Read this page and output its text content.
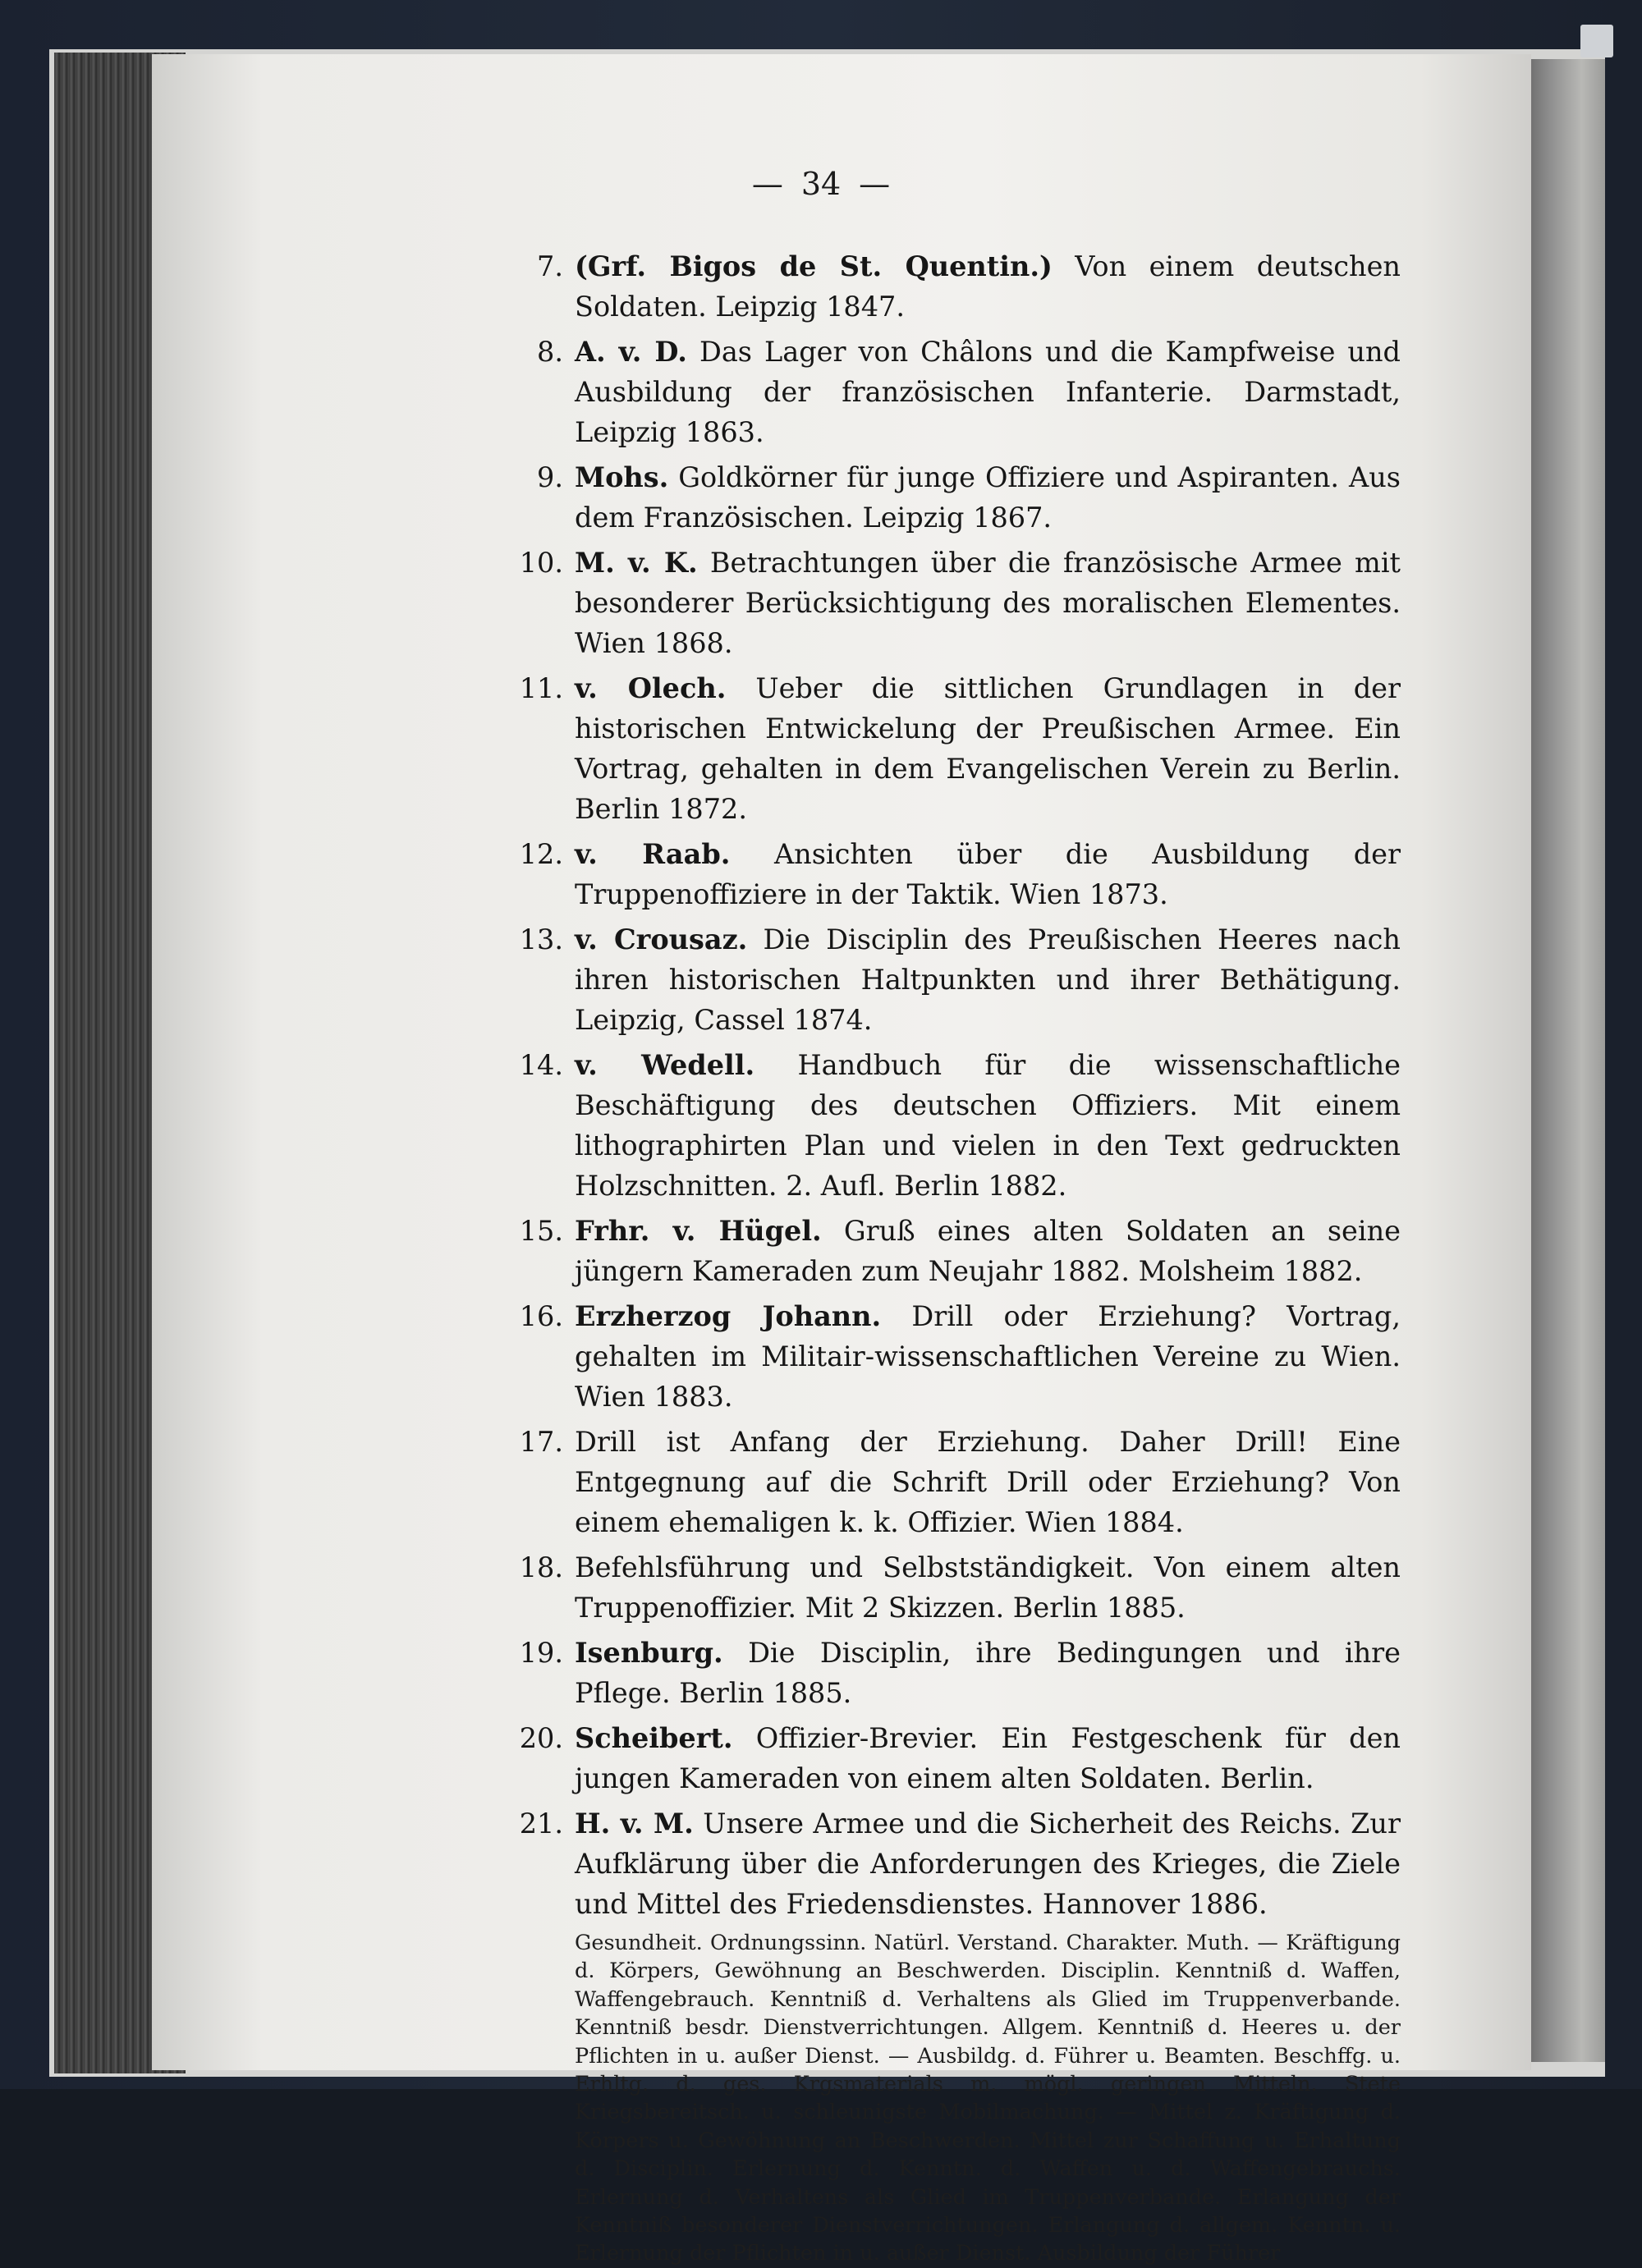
— 34 —
7. (Grf. Bigos de St. Quentin.) Von einem deutschen Soldaten. Leipzig 1847.
8. A. v. D. Das Lager von Châlons und die Kampfweise und Ausbildung der französischen Infanterie. Darmstadt, Leipzig 1863.
9. Mohs. Goldkörner für junge Offiziere und Aspiranten. Aus dem Französischen. Leipzig 1867.
10. M. v. K. Betrachtungen über die französische Armee mit besonderer Berücksichtigung des moralischen Elementes. Wien 1868.
11. v. Olech. Ueber die sittlichen Grundlagen in der historischen Entwickelung der Preußischen Armee. Ein Vortrag, gehalten in dem Evangelischen Verein zu Berlin. Berlin 1872.
12. v. Raab. Ansichten über die Ausbildung der Truppenoffiziere in der Taktik. Wien 1873.
13. v. Crousaz. Die Disciplin des Preußischen Heeres nach ihren historischen Haltpunkten und ihrer Bethätigung. Leipzig, Cassel 1874.
14. v. Wedell. Handbuch für die wissenschaftliche Beschäftigung des deutschen Offiziers. Mit einem lithographirten Plan und vielen in den Text gedruckten Holzschnitten. 2. Aufl. Berlin 1882.
15. Frhr. v. Hügel. Gruß eines alten Soldaten an seine jüngern Kameraden zum Neujahr 1882. Molsheim 1882.
16. Erzherzog Johann. Drill oder Erziehung? Vortrag, gehalten im Militair-wissenschaftlichen Vereine zu Wien. Wien 1883.
17. Drill ist Anfang der Erziehung. Daher Drill! Eine Entgegnung auf die Schrift Drill oder Erziehung? Von einem ehemaligen k. k. Offizier. Wien 1884.
18. Befehlsführung und Selbstständigkeit. Von einem alten Truppenoffizier. Mit 2 Skizzen. Berlin 1885.
19. Isenburg. Die Disciplin, ihre Bedingungen und ihre Pflege. Berlin 1885.
20. Scheibert. Offizier-Brevier. Ein Festgeschenk für den jungen Kameraden von einem alten Soldaten. Berlin.
21. H. v. M. Unsere Armee und die Sicherheit des Reichs. Zur Aufklärung über die Anforderungen des Krieges, die Ziele und Mittel des Friedensdienstes. Hannover 1886.
Gesundheit. Ordnungssinn. Natürl. Verstand. Charakter. Muth. — Kräftigung d. Körpers, Gewöhnung an Beschwerden. Disciplin. Kenntniß d. Waffen, Waffengebrauch. Kenntniß d. Verhaltens als Glied im Truppenverbande. Kenntniß besdr. Dienstverrichtungen. Allgem. Kenntniß d. Heeres u. der Pflichten in u. außer Dienst. — Ausbildg. d. Führer u. Beamten. Beschffg. u. Erhltg. d. ges. Krgsmaterials m. mögl. geringen Mitteln. Stete Kriegsbereitsch. u. schleunigste Mobilmachung. — Mittel z. Kräftigung d. Körpers u. Gewöhnung an Beschwerden. Mittel zur Schaffung u. Erhaltung d. Disciplin. Erlernung d. Kenntn. d. Waffen u. d. Waffengebrauchs. Erlernung d. Verhaltens als Glied im Truppenverbande. Erlangung der Kenntniß besonderer Dienstverrichtungen. Erlangung d. allgem. Kenntn. u. Erlernung der Pflichten in u. außer Dienst. Ausbildung der Führer
